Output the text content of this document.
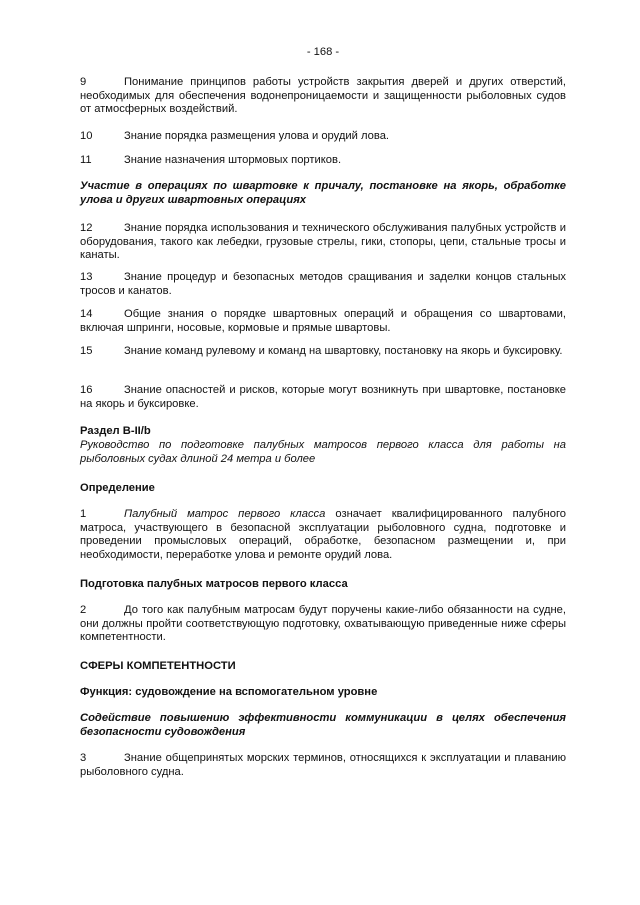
- 168 -

9	Понимание принципов работы устройств закрытия дверей и других отверстий, необходимых для обеспечения водонепроницаемости и защищенности рыболовных судов от атмосферных воздействий.

10	Знание порядка размещения улова и орудий лова.

11	Знание назначения штормовых портиков.

Участие в операциях по швартовке к причалу, постановке на якорь, обработке улова и других швартовных операциях

12	Знание порядка использования и технического обслуживания палубных устройств и оборудования, такого как лебедки, грузовые стрелы, гики, стопоры, цепи, стальные тросы и канаты.

13	Знание процедур и безопасных методов сращивания и заделки концов стальных тросов и канатов.

14	Общие знания о порядке швартовных операций и обращения со швартовами, включая шпринги, носовые, кормовые и прямые швартовы.

15	Знание команд рулевому и команд на швартовку, постановку на якорь и буксировку.

16	Знание опасностей и рисков, которые могут возникнуть при швартовке, постановке на якорь и буксировке.

Раздел B-II/b

Руководство по подготовке палубных матросов первого класса для работы на рыболовных судах длиной 24 метра и более

Определение

1	Палубный матрос первого класса означает квалифицированного палубного матроса, участвующего в безопасной эксплуатации рыболовного судна, подготовке и проведении промысловых операций, обработке, безопасном размещении и, при необходимости, переработке улова и ремонте орудий лова.

Подготовка палубных матросов первого класса

2	До того как палубным матросам будут поручены какие-либо обязанности на судне, они должны пройти соответствующую подготовку, охватывающую приведенные ниже сферы компетентности.

СФЕРЫ КОМПЕТЕНТНОСТИ

Функция: судовождение на вспомогательном уровне

Содействие повышению эффективности коммуникации в целях обеспечения безопасности судовождения

3	Знание общепринятых морских терминов, относящихся к эксплуатации и плаванию рыболовного судна.
